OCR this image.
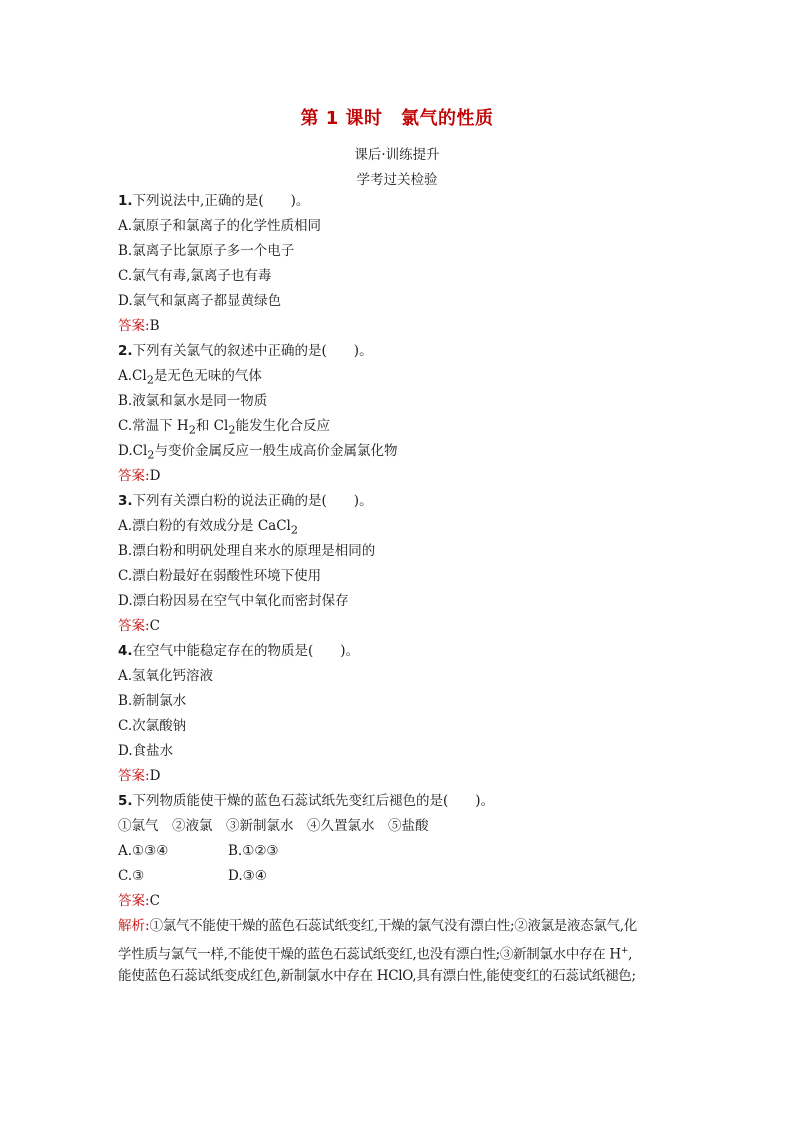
第 1 课时　氯气的性质
课后·训练提升
学考过关检验
1.下列说法中,正确的是(　　)。
A.氯原子和氯离子的化学性质相同
B.氯离子比氯原子多一个电子
C.氯气有毒,氯离子也有毒
D.氯气和氯离子都显黄绿色
答案:B
2.下列有关氯气的叙述中正确的是(　　)。
$A.Cl_2$是无色无味的气体
B.液氯和氯水是同一物质
C.常温下 $H_2$和 $Cl_2$能发生化合反应
$D.Cl_2$与变价金属反应一般生成高价金属氯化物
答案:D
3.下列有关漂白粉的说法正确的是(　　)。
A.漂白粉的有效成分是 CaCl$_2$
B.漂白粉和明矾处理自来水的原理是相同的
C.漂白粉最好在弱酸性环境下使用
D.漂白粉因易在空气中氧化而密封保存
答案:C
4.在空气中能稳定存在的物质是(　　)。
A.氢氧化钙溶液
B.新制氯水
C.次氯酸钠
D.食盐水
答案:D
5.下列物质能使干燥的蓝色石蕊试纸先变红后褪色的是(　　)。
①氯气　②液氯　③新制氯水　④久置氯水　⑤盐酸
A.①③④	B.①②③
C.③	D.③④
答案:C
解析:①氯气不能使干燥的蓝色石蕊试纸变红,干燥的氯气没有漂白性;②液氯是液态氯气,化
学性质与氯气一样,不能使干燥的蓝色石蕊试纸变红,也没有漂白性;③新制氯水中存在 H+,
能使蓝色石蕊试纸变成红色,新制氯水中存在 HClO,具有漂白性,能使变红的石蕊试纸褪色;
